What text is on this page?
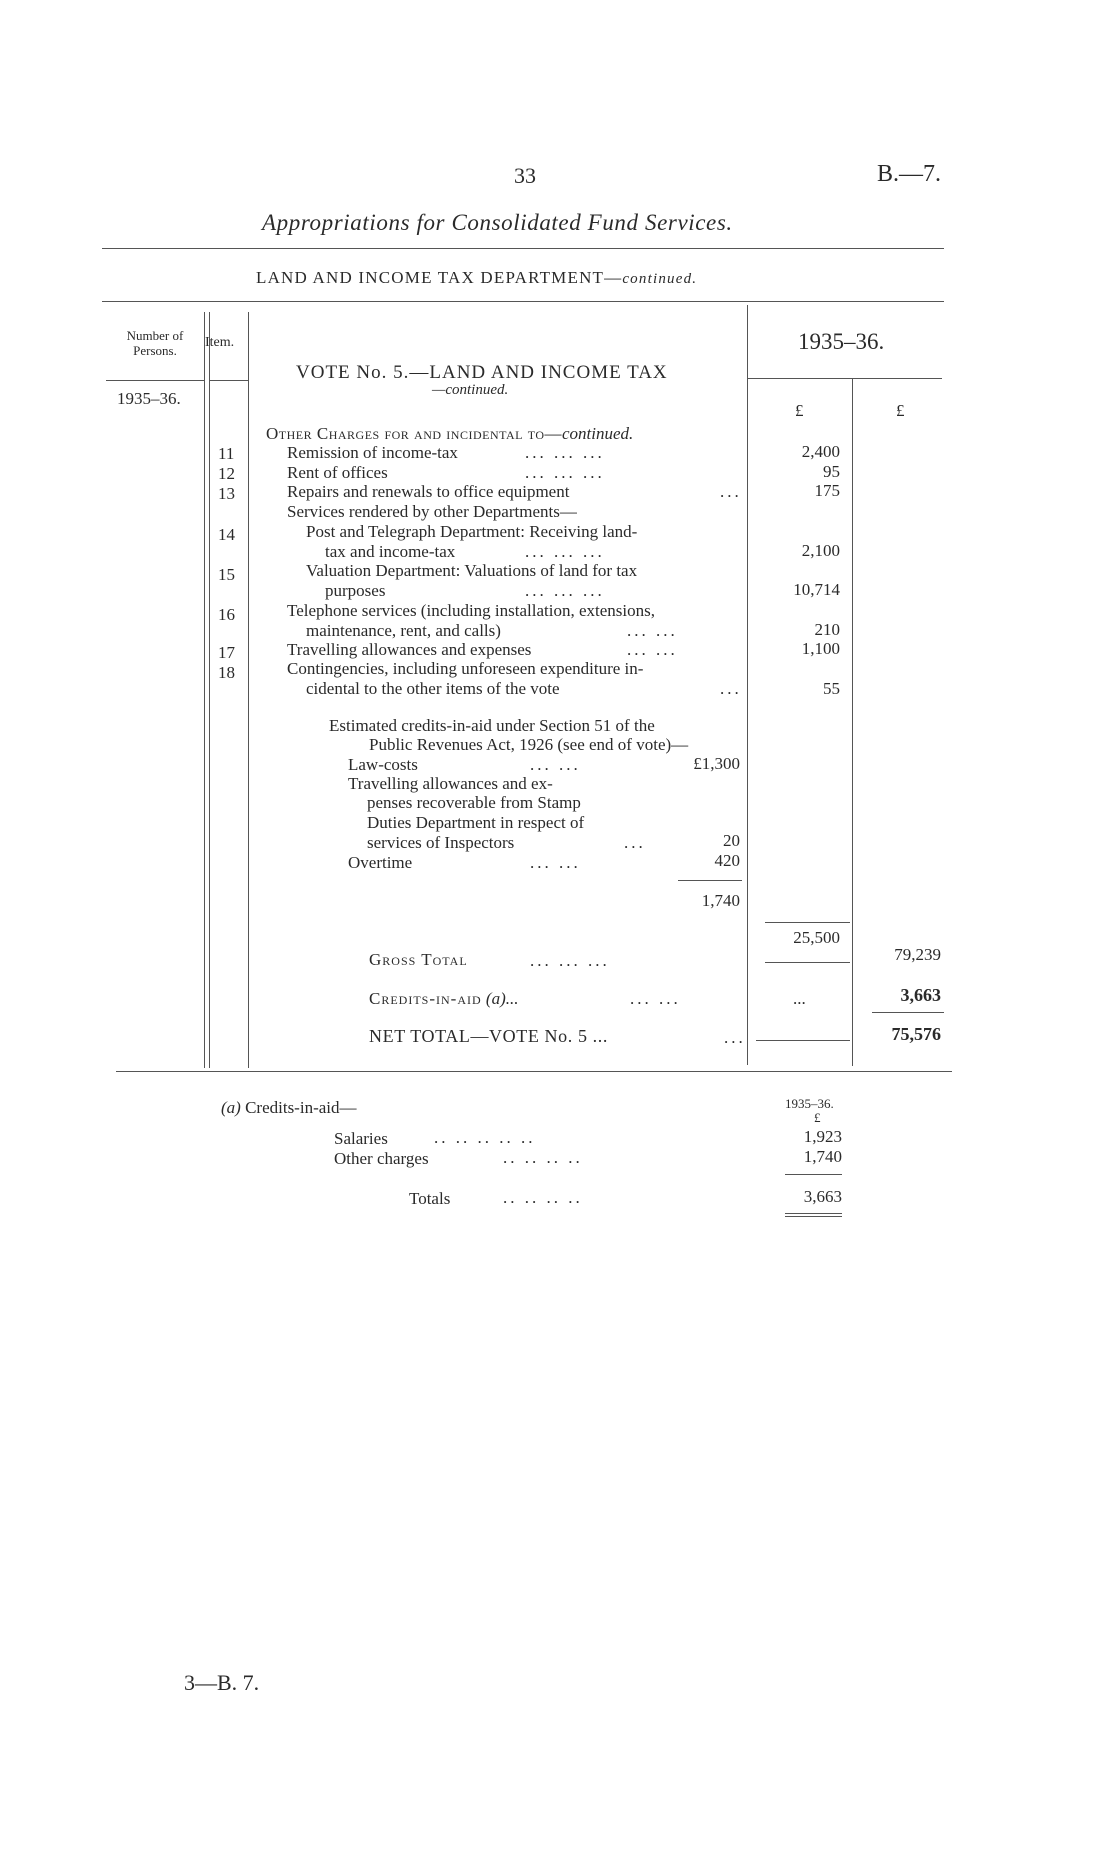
33	B.—7.
Appropriations for Consolidated Fund Services.
LAND AND INCOME TAX DEPARTMENT—continued.
Number of Persons.
Item.	1935–36.
VOTE No. 5.—LAND AND INCOME TAX
—continued.
1935–36.
£	£
Other Charges for and incidental to—continued.
11	Remission of income-tax	... ... ...	2,400
12	Rent of offices	... ... ...	95
13	Repairs and renewals to office equipment	...	175
Services rendered by other Departments—
14	Post and Telegraph Department: Receiving land-
tax and income-tax	... ... ...	2,100
15	Valuation Department: Valuations of land for tax
purposes	... ... ...	10,714
16	Telephone services (including installation, extensions,
maintenance, rent, and calls)	... ...	210
17	Travelling allowances and expenses	... ...	1,100
18	Contingencies, including unforeseen expenditure in-
cidental to the other items of the vote	...	55
Estimated credits-in-aid under Section 51 of the
Public Revenues Act, 1926 (see end of vote)—
Law-costs	... ...	£1,300
Travelling allowances and ex-
penses recoverable from Stamp
Duties Department in respect of
services of Inspectors	...	20
Overtime	... ...	420
1,740
25,500
Gross Total	... ... ...	79,239
Credits-in-aid (a)...	... ...	...	3,663
NET TOTAL—VOTE No. 5 ...	...	75,576
(a) Credits-in-aid—	1935–36.
£
Salaries	.. .. .. .. ..	1,923
Other charges	.. .. .. ..	1,740
Totals	.. .. .. ..	3,663
3—B. 7.
